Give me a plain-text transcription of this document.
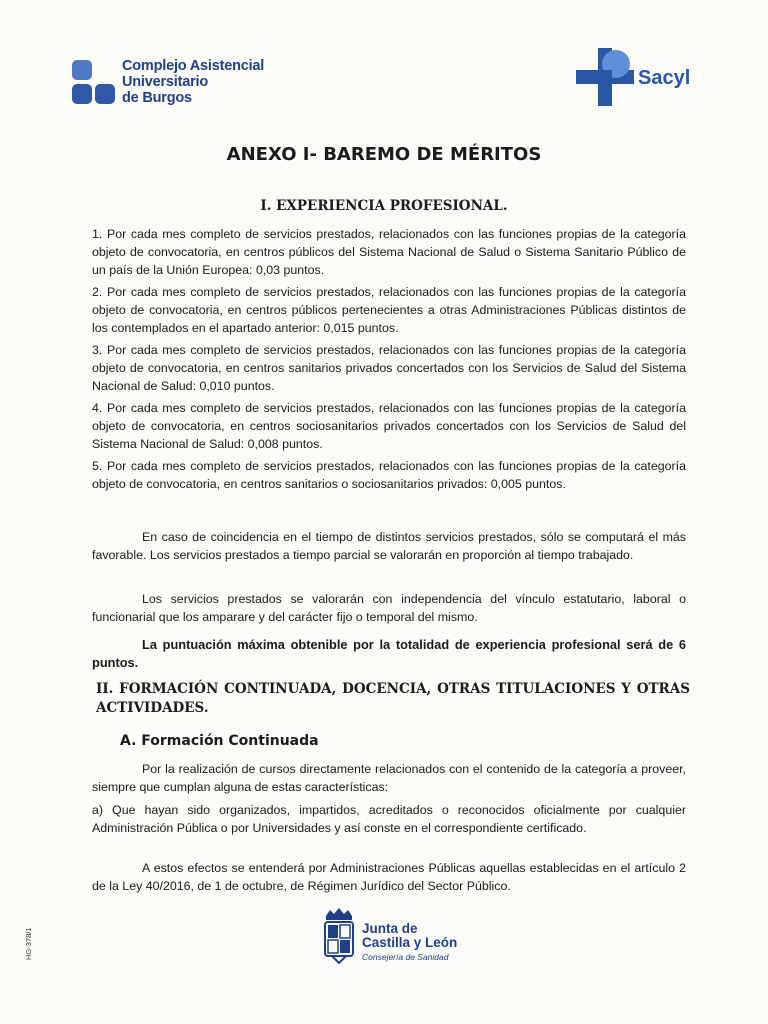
Complejo Asistencial
Universitario
de Burgos
Sacyl
ANEXO I- BAREMO DE MÉRITOS
I. EXPERIENCIA PROFESIONAL.

1. Por cada mes completo de servicios prestados, relacionados con las funciones propias de la categoría objeto de convocatoria, en centros públicos del Sistema Nacional de Salud o Sistema Sanitario Público de un país de la Unión Europea: 0,03 puntos.

2. Por cada mes completo de servicios prestados, relacionados con las funciones propias de la categoría objeto de convocatoria, en centros públicos pertenecientes a otras Administraciones Públicas distintos de los contemplados en el apartado anterior: 0,015 puntos.

3. Por cada mes completo de servicios prestados, relacionados con las funciones propias de la categoría objeto de convocatoria, en centros sanitarios privados concertados con los Servicios de Salud del Sistema Nacional de Salud: 0,010 puntos.

4. Por cada mes completo de servicios prestados, relacionados con las funciones propias de la categoría objeto de convocatoria, en centros sociosanitarios privados concertados con los Servicios de Salud del Sistema Nacional de Salud: 0,008 puntos.

5. Por cada mes completo de servicios prestados, relacionados con las funciones propias de la categoría objeto de convocatoria, en centros sanitarios o sociosanitarios privados: 0,005 puntos.

En caso de coincidencia en el tiempo de distintos servicios prestados, sólo se computará el más favorable. Los servicios prestados a tiempo parcial se valorarán en proporción al tiempo trabajado.

Los servicios prestados se valorarán con independencia del vínculo estatutario, laboral o funcionarial que los amparare y del carácter fijo o temporal del mismo.

La puntuación máxima obtenible por la totalidad de experiencia profesional será de 6 puntos.

II. FORMACIÓN CONTINUADA, DOCENCIA, OTRAS TITULACIONES Y OTRAS ACTIVIDADES.

A. Formación Continuada

Por la realización de cursos directamente relacionados con el contenido de la categoría a proveer, siempre que cumplan alguna de estas características:

a) Que hayan sido organizados, impartidos, acreditados o reconocidos oficialmente por cualquier Administración Pública o por Universidades y así conste en el correspondiente certificado.

A estos efectos se entenderá por Administraciones Públicas aquellas establecidas en el artículo 2 de la Ley 40/2016, de 1 de octubre, de Régimen Jurídico del Sector Público.

Junta de
Castilla y León
Consejería de Sanidad
HG-378/1
